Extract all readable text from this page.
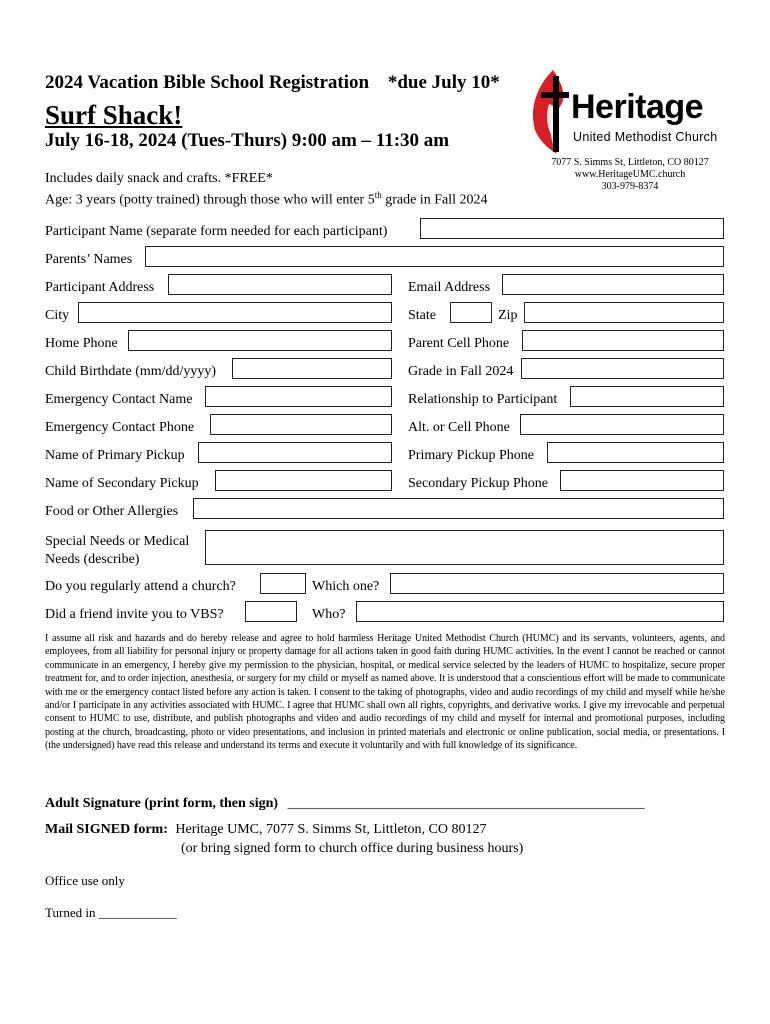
2024 Vacation Bible School Registration *due July 10*
Surf Shack!
July 16-18, 2024 (Tues-Thurs) 9:00 am – 11:30 am
Includes daily snack and crafts. *FREE*
Age: 3 years (potty trained) through those who will enter 5th grade in Fall 2024
Heritage
United Methodist Church
7077 S. Simms St, Littleton, CO 80127
www.HeritageUMC.church
303-979-8374
Participant Name (separate form needed for each participant)
Parents’ Names
Participant Address	Email Address
City	State	Zip
Home Phone	Parent Cell Phone
Child Birthdate (mm/dd/yyyy)	Grade in Fall 2024
Emergency Contact Name	Relationship to Participant
Emergency Contact Phone	Alt. or Cell Phone
Name of Primary Pickup	Primary Pickup Phone
Name of Secondary Pickup	Secondary Pickup Phone
Food or Other Allergies
Special Needs or Medical
Needs (describe)
Do you regularly attend a church?	Which one?
Did a friend invite you to VBS?	Who?
I assume all risk and hazards and do hereby release and agree to hold harmless Heritage United Methodist Church (HUMC) and its servants, volunteers, agents, and employees, from all liability for personal injury or property damage for all actions taken in good faith during HUMC activities. In the event I cannot be reached or cannot communicate in an emergency, I hereby give my permission to the physician, hospital, or medical service selected by the leaders of HUMC to hospitalize, secure proper treatment for, and to order injection, anesthesia, or surgery for my child or myself as named above. It is understood that a conscientious effort will be made to communicate with me or the emergency contact listed before any action is taken. I consent to the taking of photographs, video and audio recordings of my child and myself while he/she and/or I participate in any activities associated with HUMC. I agree that HUMC shall own all rights, copyrights, and derivative works. I give my irrevocable and perpetual consent to HUMC to use, distribute, and publish photographs and video and audio recordings of my child and myself for internal and promotional purposes, including posting at the church, broadcasting, photo or video presentations, and inclusion in printed materials and electronic or online publication, social media, or presentations. I (the undersigned) have read this release and understand its terms and execute it voluntarily and with full knowledge of its significance.
Adult Signature (print form, then sign) ___________________________________________________
Mail SIGNED form: Heritage UMC, 7077 S. Simms St, Littleton, CO 80127
(or bring signed form to church office during business hours)
Office use only
Turned in ____________
